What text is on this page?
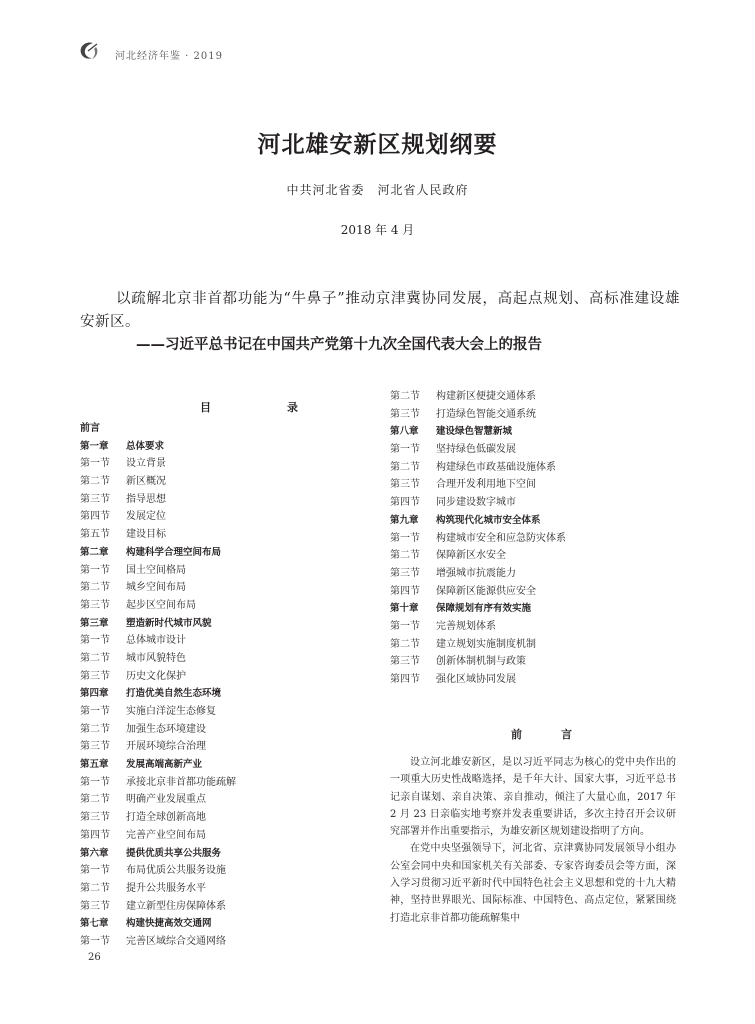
河北经济年鉴 · 2019
河北雄安新区规划纲要
中共河北省委　河北省人民政府
2018 年 4 月
以疏解北京非首都功能为“牛鼻子”推动京津冀协同发展，高起点规划、高标准建设雄安新区。
——习近平总书记在中国共产党第十九次全国代表大会上的报告
目　　录
前言
第一章 总体要求
第一节 设立背景
第二节 新区概况
第三节 指导思想
第四节 发展定位
第五节 建设目标
第二章 构建科学合理空间布局
第一节 国土空间格局
第二节 城乡空间布局
第三节 起步区空间布局
第三章 塑造新时代城市风貌
第一节 总体城市设计
第二节 城市风貌特色
第三节 历史文化保护
第四章 打造优美自然生态环境
第一节 实施白洋淀生态修复
第二节 加强生态环境建设
第三节 开展环境综合治理
第五章 发展高端高新产业
第一节 承接北京非首都功能疏解
第二节 明确产业发展重点
第三节 打造全球创新高地
第四节 完善产业空间布局
第六章 提供优质共享公共服务
第一节 布局优质公共服务设施
第二节 提升公共服务水平
第三节 建立新型住房保障体系
第七章 构建快捷高效交通网
第一节 完善区域综合交通网络
第二节 构建新区便捷交通体系
第三节 打造绿色智能交通系统
第八章 建设绿色智慧新城
第一节 坚持绿色低碳发展
第二节 构建绿色市政基础设施体系
第三节 合理开发利用地下空间
第四节 同步建设数字城市
第九章 构筑现代化城市安全体系
第一节 构建城市安全和应急防灾体系
第二节 保障新区水安全
第三节 增强城市抗震能力
第四节 保障新区能源供应安全
第十章 保障规划有序有效实施
第一节 完善规划体系
第二节 建立规划实施制度机制
第三节 创新体制机制与政策
第四节 强化区域协同发展
前　言

设立河北雄安新区，是以习近平同志为核心的党中央作出的一项重大历史性战略选择，是千年大计、国家大事，习近平总书记亲自谋划、亲自决策、亲自推动，倾注了大量心血，2017 年 2 月 23 日亲临实地考察并发表重要讲话，多次主持召开会议研究部署并作出重要指示，为雄安新区规划建设指明了方向。

在党中央坚强领导下，河北省、京津冀协同发展领导小组办公室会同中央和国家机关有关部委、专家咨询委员会等方面，深入学习贯彻习近平新时代中国特色社会主义思想和党的十九大精神，坚持世界眼光、国际标准、中国特色、高点定位，紧紧围绕打造北京非首都功能疏解集中

26
